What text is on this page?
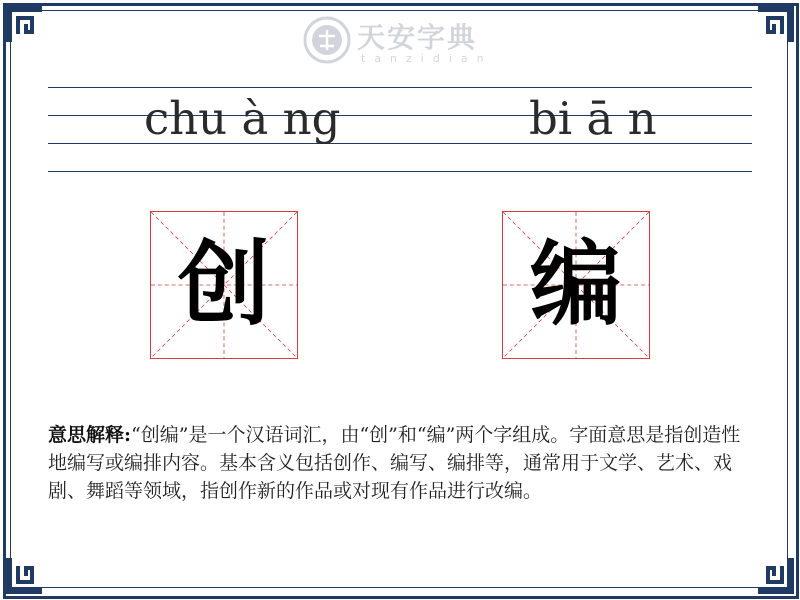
天安字典
tanzidian
chu à ng	bi ā n
创	编
意思解释:“创编”是一个汉语词汇，由“创”和“编”两个字组成。字面意思是指创造性地编写或编排内容。基本含义包括创作、编写、编排等，通常用于文学、艺术、戏剧、舞蹈等领域，指创作新的作品或对现有作品进行改编。
